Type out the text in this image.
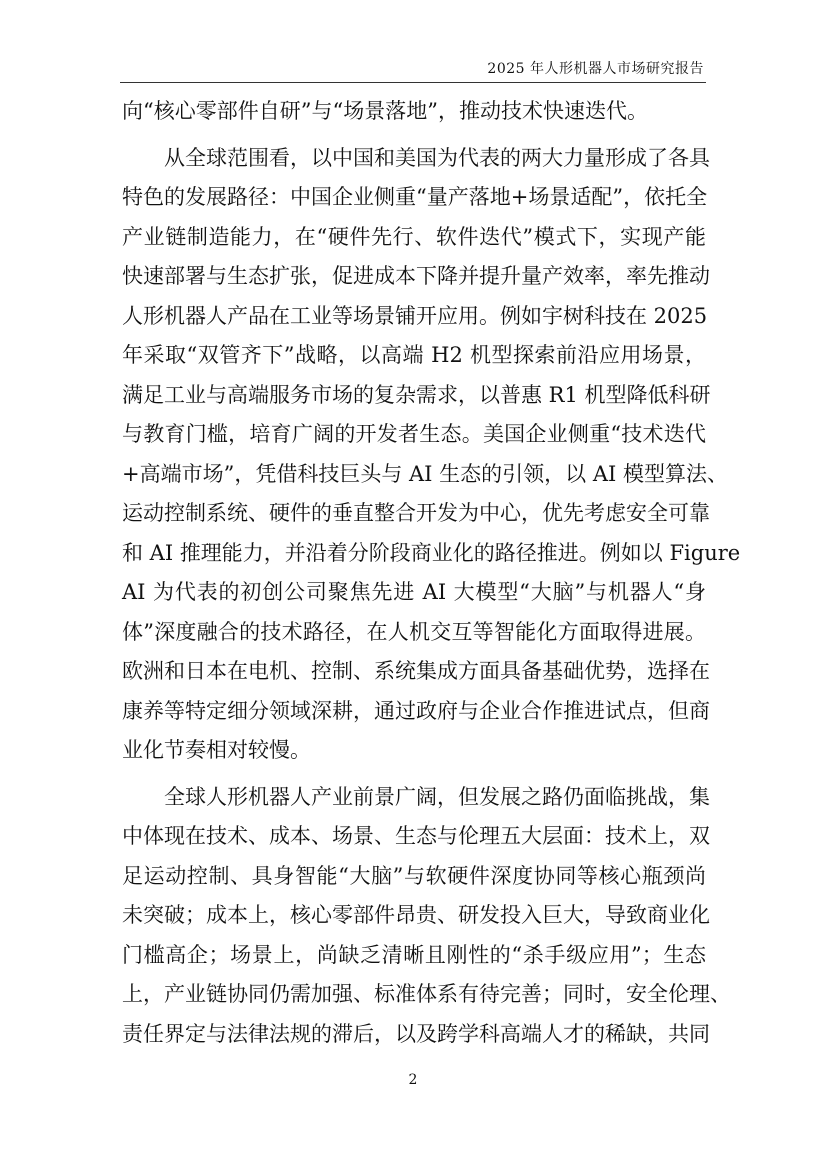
2025 年人形机器人市场研究报告

向“核心零部件自研”与“场景落地”，推动技术快速迭代。

从全球范围看，以中国和美国为代表的两大力量形成了各具
特色的发展路径：中国企业侧重“量产落地+场景适配”，依托全
产业链制造能力，在“硬件先行、软件迭代”模式下，实现产能
快速部署与生态扩张，促进成本下降并提升量产效率，率先推动
人形机器人产品在工业等场景铺开应用。例如宇树科技在 2025
年采取“双管齐下”战略，以高端 H2 机型探索前沿应用场景，
满足工业与高端服务市场的复杂需求，以普惠 R1 机型降低科研
与教育门槛，培育广阔的开发者生态。美国企业侧重“技术迭代
+高端市场”，凭借科技巨头与 AI 生态的引领，以 AI 模型算法、
运动控制系统、硬件的垂直整合开发为中心，优先考虑安全可靠
和 AI 推理能力，并沿着分阶段商业化的路径推进。例如以 Figure
AI 为代表的初创公司聚焦先进 AI 大模型“大脑”与机器人“身
体”深度融合的技术路径，在人机交互等智能化方面取得进展。
欧洲和日本在电机、控制、系统集成方面具备基础优势，选择在
康养等特定细分领域深耕，通过政府与企业合作推进试点，但商
业化节奏相对较慢。

全球人形机器人产业前景广阔，但发展之路仍面临挑战，集
中体现在技术、成本、场景、生态与伦理五大层面：技术上，双
足运动控制、具身智能“大脑”与软硬件深度协同等核心瓶颈尚
未突破；成本上，核心零部件昂贵、研发投入巨大，导致商业化
门槛高企；场景上，尚缺乏清晰且刚性的“杀手级应用”；生态
上，产业链协同仍需加强、标准体系有待完善；同时，安全伦理、
责任界定与法律法规的滞后，以及跨学科高端人才的稀缺，共同

2
